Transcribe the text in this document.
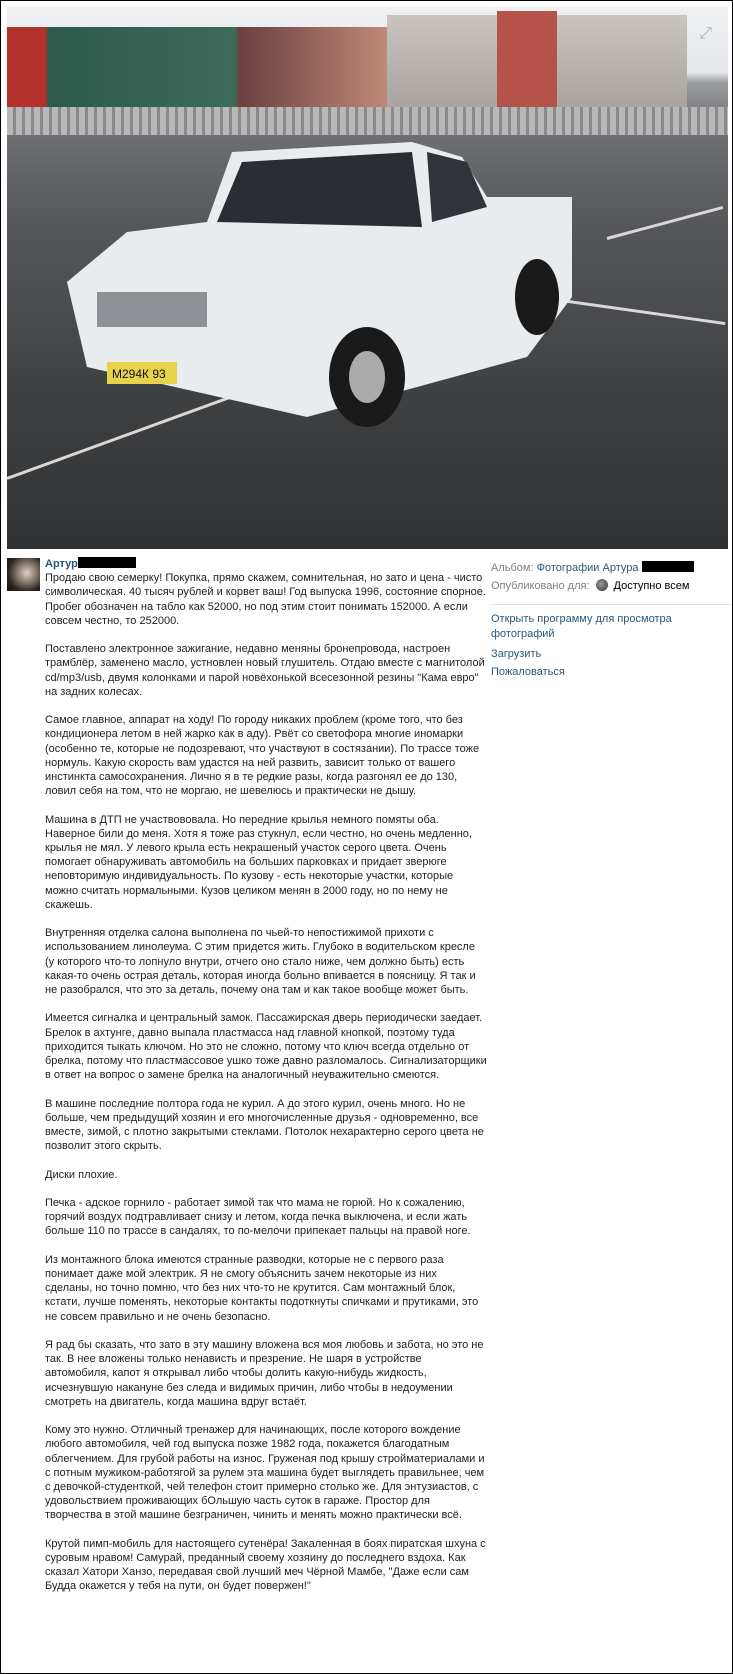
М294К 93
⤢
Артур
Продаю свою семерку! Покупка, прямо скажем, сомнительная, но зато и цена - чисто символическая. 40 тысяч рублей и корвет ваш! Год выпуска 1996, состояние спорное. Пробег обозначен на табло как 52000, но под этим стоит понимать 152000. А если совсем честно, то 252000.
Поставлено электронное зажигание, недавно меняны бронепровода, настроен трамблёр, заменено масло, устновлен новый глушитель. Отдаю вместе с магнитолой cd/mp3/usb, двумя колонками и парой новёхонькой всесезонной резины "Кама евро" на задних колесах.
Самое главное, аппарат на ходу! По городу никаких проблем (кроме того, что без кондиционера летом в ней жарко как в аду). Рвёт со светофора многие иномарки (особенно те, которые не подозревают, что участвуют в состязании). По трассе тоже нормуль. Какую скорость вам удастся на ней развить, зависит только от вашего инстинкта самосохранения. Лично я в те редкие разы, когда разгонял ее до 130, ловил себя на том, что не моргаю, не шевелюсь и практически не дышу.
Машина в ДТП не участвововала. Но передние крылья немного помяты оба. Наверное били до меня. Хотя я тоже раз стукнул, если честно, но очень медленно, крылья не мял. У левого крыла есть некрашеный участок серого цвета. Очень помогает обнаруживать автомобиль на больших парковках и придает зверюге неповторимую индивидуальность. По кузову - есть некоторые участки, которые можно считать нормальными. Кузов целиком менян в 2000 году, но по нему не скажешь.
Внутренняя отделка салона выполнена по чьей-то непостижимой прихоти с использованием линолеума. С этим придется жить. Глубоко в водительском кресле (у которого что-то лопнуло внутри, отчего оно стало ниже, чем должно быть) есть какая-то очень острая деталь, которая иногда больно впивается в поясницу. Я так и не разобрался, что это за деталь, почему она там и как такое вообще может быть.
Имеется сигналка и центральный замок. Пассажирская дверь периодически заедает. Брелок в ахтунге, давно выпала пластмасса над главной кнопкой, поэтому туда приходится тыкать ключом. Но это не сложно, потому что ключ всегда отдельно от брелка, потому что пластмассовое ушко тоже давно разломалось. Сигнализаторщики в ответ на вопрос о замене брелка на аналогичный неуважительно смеются.
В машине последние полтора года не курил. А до этого курил, очень много. Но не больше, чем предыдущий хозяин и его многочисленные друзья - одновременно, все вместе, зимой, с плотно закрытыми стеклами. Потолок нехарактерно серого цвета не позволит этого скрыть.
Диски плохие.
Печка - адское горнило - работает зимой так что мама не горюй. Но к сожалению, горячий воздух подтравливает снизу и летом, когда печка выключена, и если жать больше 110 по трассе в сандалях, то по-мелочи припекает пальцы на правой ноге.
Из монтажного блока имеются странные разводки, которые не с первого раза понимает даже мой электрик. Я не смогу объяснить зачем некоторые из них сделаны, но точно помню, что без них что-то не крутится. Сам монтажный блок, кстати, лучше поменять, некоторые контакты подоткнуты спичками и прутиками, это не совсем правильно и не очень безопасно.
Я рад бы сказать, что зато в эту машину вложена вся моя любовь и забота, но это не так. В нее вложены только ненависть и презрение. Не шаря в устройстве автомобиля, капот я открывал либо чтобы долить какую-нибудь жидкость, исчезнувшую накануне без следа и видимых причин, либо чтобы в недоумении смотреть на двигатель, когда машина вдруг встаёт.
Кому это нужно. Отличный тренажер для начинающих, после которого вождение любого автомобиля, чей год выпуска позже 1982 года, покажется благодатным облегчением. Для грубой работы на износ. Груженая под крышу стройматериалами и с потным мужиком-работягой за рулем эта машина будет выглядеть правильнее, чем с девочкой-студенткой, чей телефон стоит примерно столько же. Для энтузиастов, с удовольствием проживающих бОльшую часть суток в гараже. Простор для творчества в этой машине безграничен, чинить и менять можно практически всё.
Крутой пимп-мобиль для настоящего сутенёра! Закаленная в боях пиратская шхуна с суровым нравом! Самурай, преданный своему хозяину до последнего вздоха. Как сказал Хатори Ханзо, передавая свой лучший меч Чёрной Мамбе, "Даже если сам Будда окажется у тебя на пути, он будет повержен!"
Альбом: Фотографии Артура
Опубликовано для: Доступно всем
Открыть программу для просмотра фотографий
Загрузить
Пожаловаться
